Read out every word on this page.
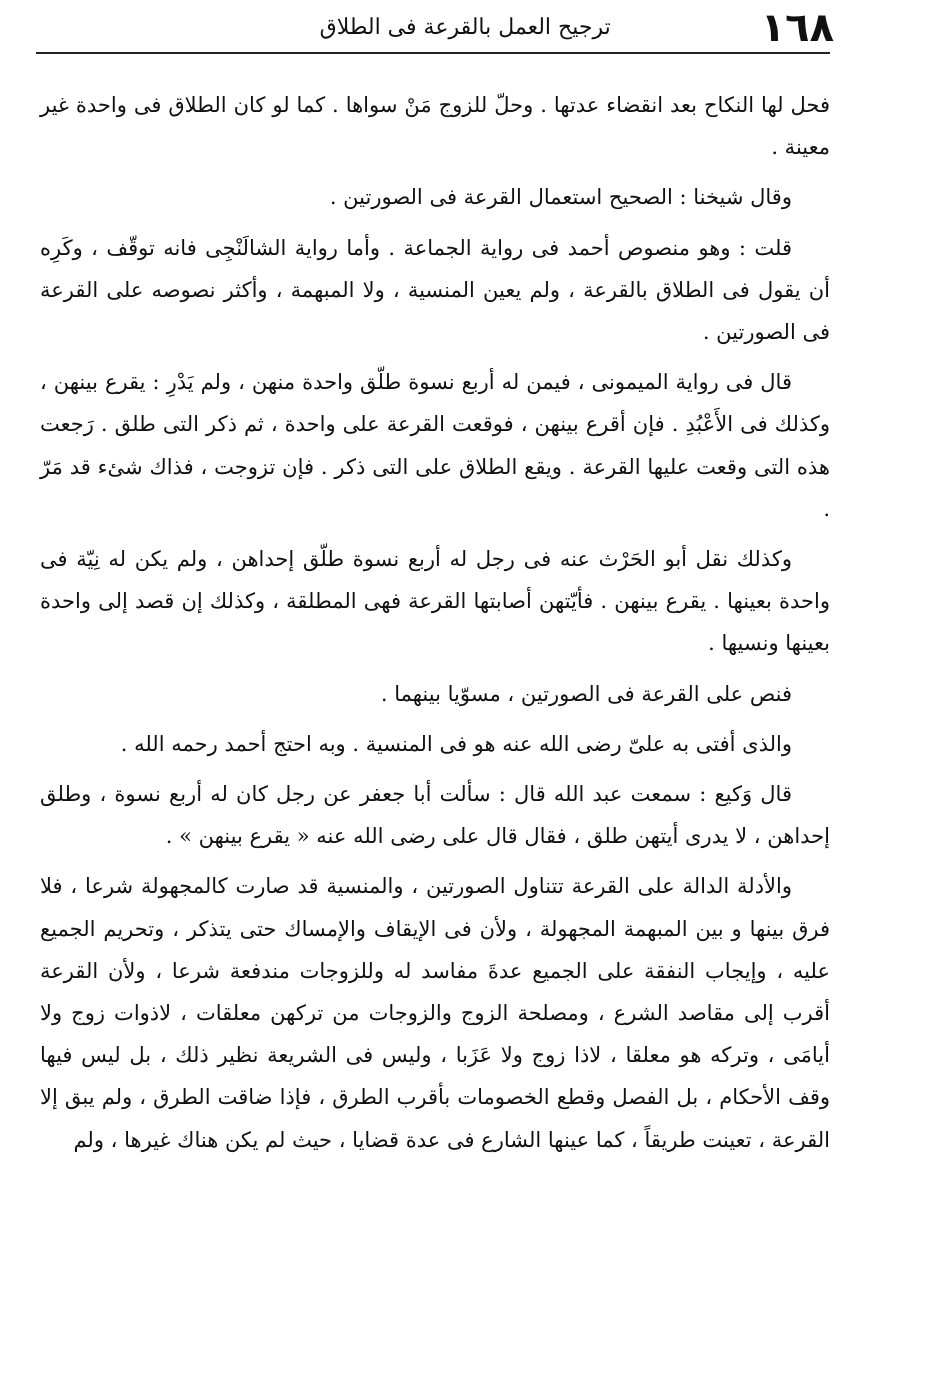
١٦٨
ترجيح العمل بالقرعة فى الطلاق

فحل لها النكاح بعد انقضاء عدتها . وحلّ للزوج مَنْ سواها . كما لو كان الطلاق فى واحدة غير معينة .

وقال شيخنا : الصحيح استعمال القرعة فى الصورتين .

قلت : وهو منصوص أحمد فى رواية الجماعة . وأما رواية الشالَنْجِى فانه توقّف ، وكَرِه أن يقول فى الطلاق بالقرعة ، ولم يعين المنسية ، ولا المبهمة ، وأكثر نصوصه على القرعة فى الصورتين .

قال فى رواية الميمونى ، فيمن له أربع نسوة طلّق واحدة منهن ، ولم يَدْرِ : يقرع بينهن ، وكذلك فى الأَعْبُدِ . فإن أقرع بينهن ، فوقعت القرعة على واحدة ، ثم ذكر التى طلق . رَجعت هذه التى وقعت عليها القرعة . ويقع الطلاق على التى ذكر . فإن تزوجت ، فذاك شئء قد مَرّ .

وكذلك نقل أبو الحَرْث عنه فى رجل له أربع نسوة طلّق إحداهن ، ولم يكن له نِيّة فى واحدة بعينها . يقرع بينهن . فأيّتهن أصابتها القرعة فهى المطلقة ، وكذلك إن قصد إلى واحدة بعينها ونسيها .

فنص على القرعة فى الصورتين ، مسوّيا بينهما .

والذى أفتى به علىّ رضى الله عنه هو فى المنسية . وبه احتج أحمد رحمه الله .

قال وَكيع : سمعت عبد الله قال : سألت أبا جعفر عن رجل كان له أربع نسوة ، وطلق إحداهن ، لا يدرى أيتهن طلق ، فقال قال على رضى الله عنه « يقرع بينهن » .

والأدلة الدالة على القرعة تتناول الصورتين ، والمنسية قد صارت كالمجهولة شرعا ، فلا فرق بينها و بين المبهمة المجهولة ، ولأن فى الإيقاف والإمساك حتى يتذكر ، وتحريم الجميع عليه ، وإيجاب النفقة على الجميع عدةَ مفاسد له وللزوجات مندفعة شرعا ، ولأن القرعة أقرب إلى مقاصد الشرع ، ومصلحة الزوج والزوجات من تركهن معلقات ، لاذوات زوج ولا أيامَى ، وتركه هو معلقا ، لاذا زوج ولا عَزَبا ، وليس فى الشريعة نظير ذلك ، بل ليس فيها وقف الأحكام ، بل الفصل وقطع الخصومات بأقرب الطرق ، فإذا ضاقت الطرق ، ولم يبق إلا القرعة ، تعينت طريقاً ، كما عينها الشارع فى عدة قضايا ، حيث لم يكن هناك غيرها ، ولم
